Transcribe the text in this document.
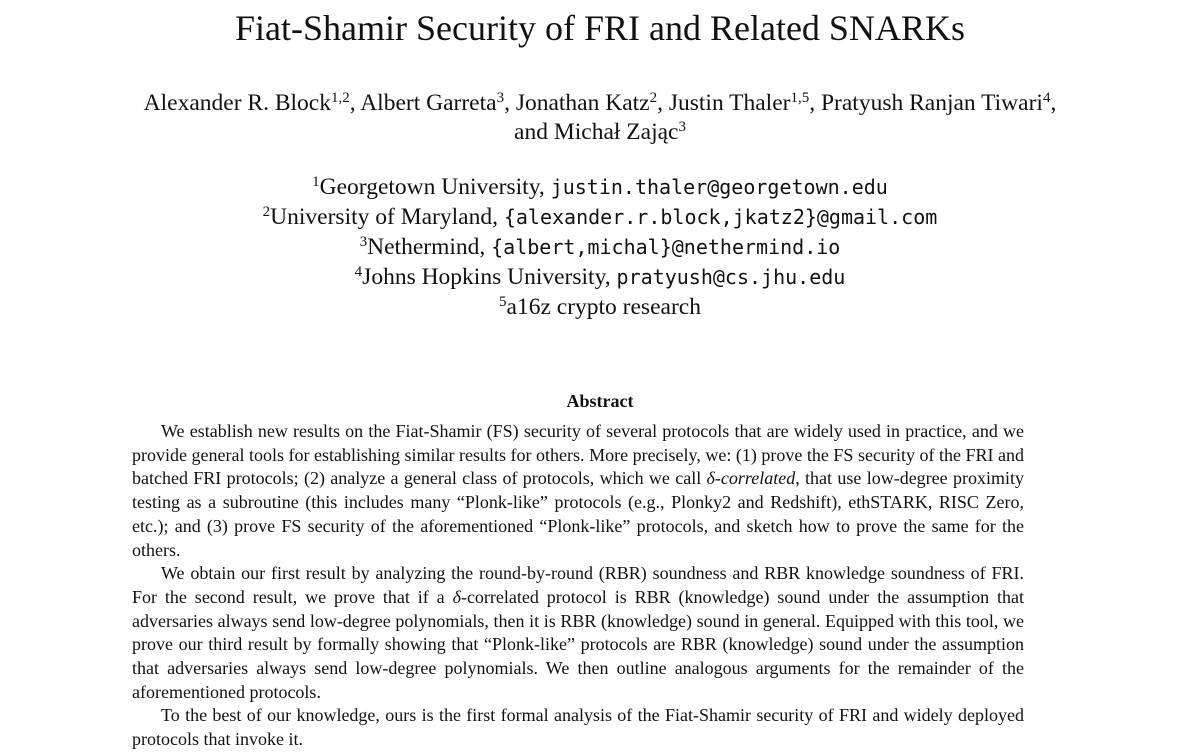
Fiat-Shamir Security of FRI and Related SNARKs
Alexander R. Block$^{1,2}$, Albert Garreta$^3$, Jonathan Katz$^2$, Justin Thaler$^{1,5}$, Pratyush Ranjan Tiwari$^4$,
and Michał Zając$^3$
$^1$Georgetown University, justin.thaler@georgetown.edu
$^2$University of Maryland, {alexander.r.block,jkatz2}@gmail.com
$^3$Nethermind, {albert,michal}@nethermind.io
$^4$Johns Hopkins University, pratyush@cs.jhu.edu
$^5$a16z crypto research
Abstract

We establish new results on the Fiat-Shamir (FS) security of several protocols that are widely used in practice, and we provide general tools for establishing similar results for others. More precisely, we: (1) prove the FS security of the FRI and batched FRI protocols; (2) analyze a general class of protocols, which we call δ-correlated, that use low-degree proximity testing as a subroutine (this includes many “Plonk-like” protocols (e.g., Plonky2 and Redshift), ethSTARK, RISC Zero, etc.); and (3) prove FS security of the aforementioned “Plonk-like” protocols, and sketch how to prove the same for the others.

We obtain our first result by analyzing the round-by-round (RBR) soundness and RBR knowledge soundness of FRI. For the second result, we prove that if a δ-correlated protocol is RBR (knowledge) sound under the assumption that adversaries always send low-degree polynomials, then it is RBR (knowledge) sound in general. Equipped with this tool, we prove our third result by formally showing that “Plonk-like” protocols are RBR (knowledge) sound under the assumption that adversaries always send low-degree polynomials. We then outline analogous arguments for the remainder of the aforementioned protocols.

To the best of our knowledge, ours is the first formal analysis of the Fiat-Shamir security of FRI and widely deployed protocols that invoke it.
